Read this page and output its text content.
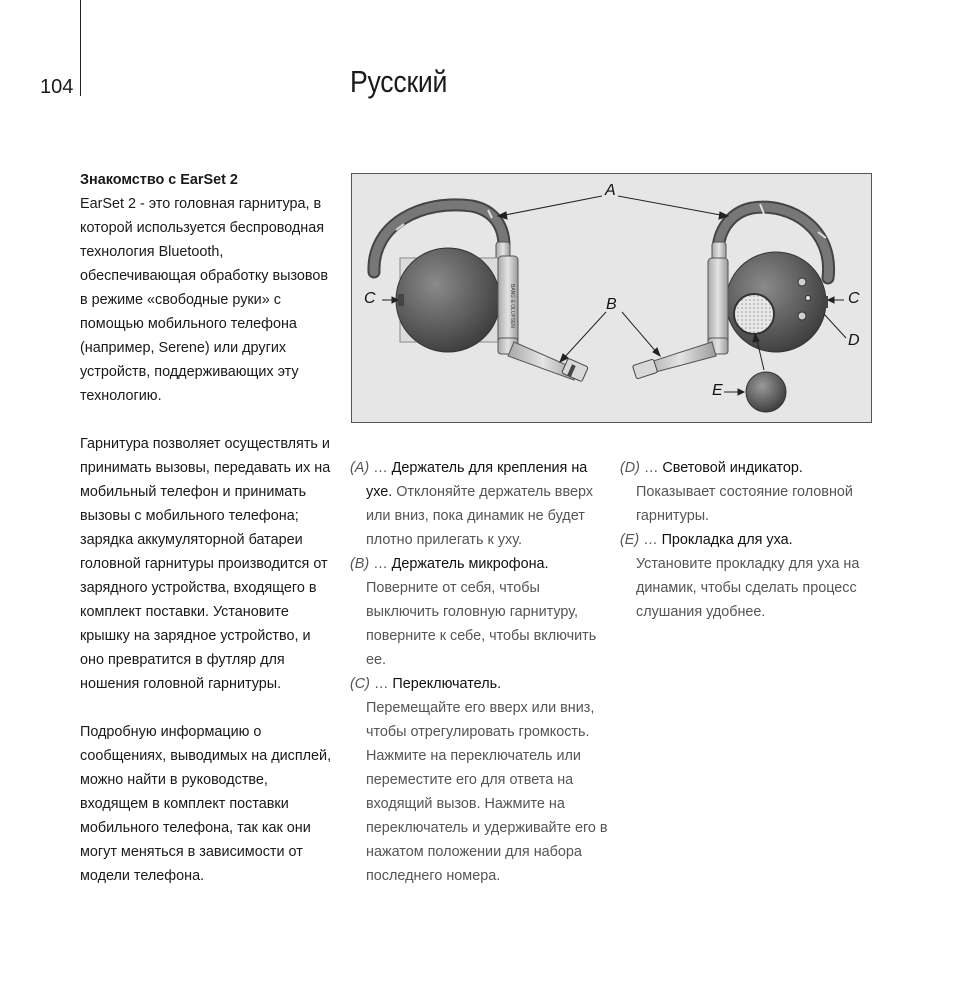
104	Русский

Знакомство с EarSet 2
EarSet 2 - это головная гарнитура, в которой используется беспроводная технология Bluetooth, обеспечивающая обработку вызовов в режиме «свободные руки» с помощью мобильного телефона (например, Serene) или других устройств, поддерживающих эту технологию.

Гарнитура позволяет осуществлять и принимать вызовы, передавать их на мобильный телефон и принимать вызовы с мобильного телефона; зарядка аккумуляторной батареи головной гарнитуры производится от зарядного устройства, входящего в комплект поставки. Установите крышку на зарядное устройство, и оно превратится в футляр для ношения головной гарнитуры.

Подробную информацию о сообщениях, выводимых на дисплей, можно найти в руководстве, входящем в комплект поставки мобильного телефона, так как они могут меняться в зависимости от модели телефона.

BANG & OLUFSEN
A
C	C
B
D
E
(A) … Держатель для крепления на ухе. Отклоняйте держатель вверх или вниз, пока динамик не будет плотно прилегать к уху.
(B) … Держатель микрофона.
Поверните от себя, чтобы выключить головную гарнитуру, поверните к себе, чтобы включить ее.
(C) … Переключатель.
Перемещайте его вверх или вниз, чтобы отрегулировать громкость. Нажмите на переключатель или переместите его для ответа на входящий вызов. Нажмите на переключатель и удерживайте его в нажатом положении для набора последнего номера.
(D) … Световой индикатор.
Показывает состояние головной гарнитуры.
(E) … Прокладка для уха.
Установите прокладку для уха на динамик, чтобы сделать процесс слушания удобнее.
